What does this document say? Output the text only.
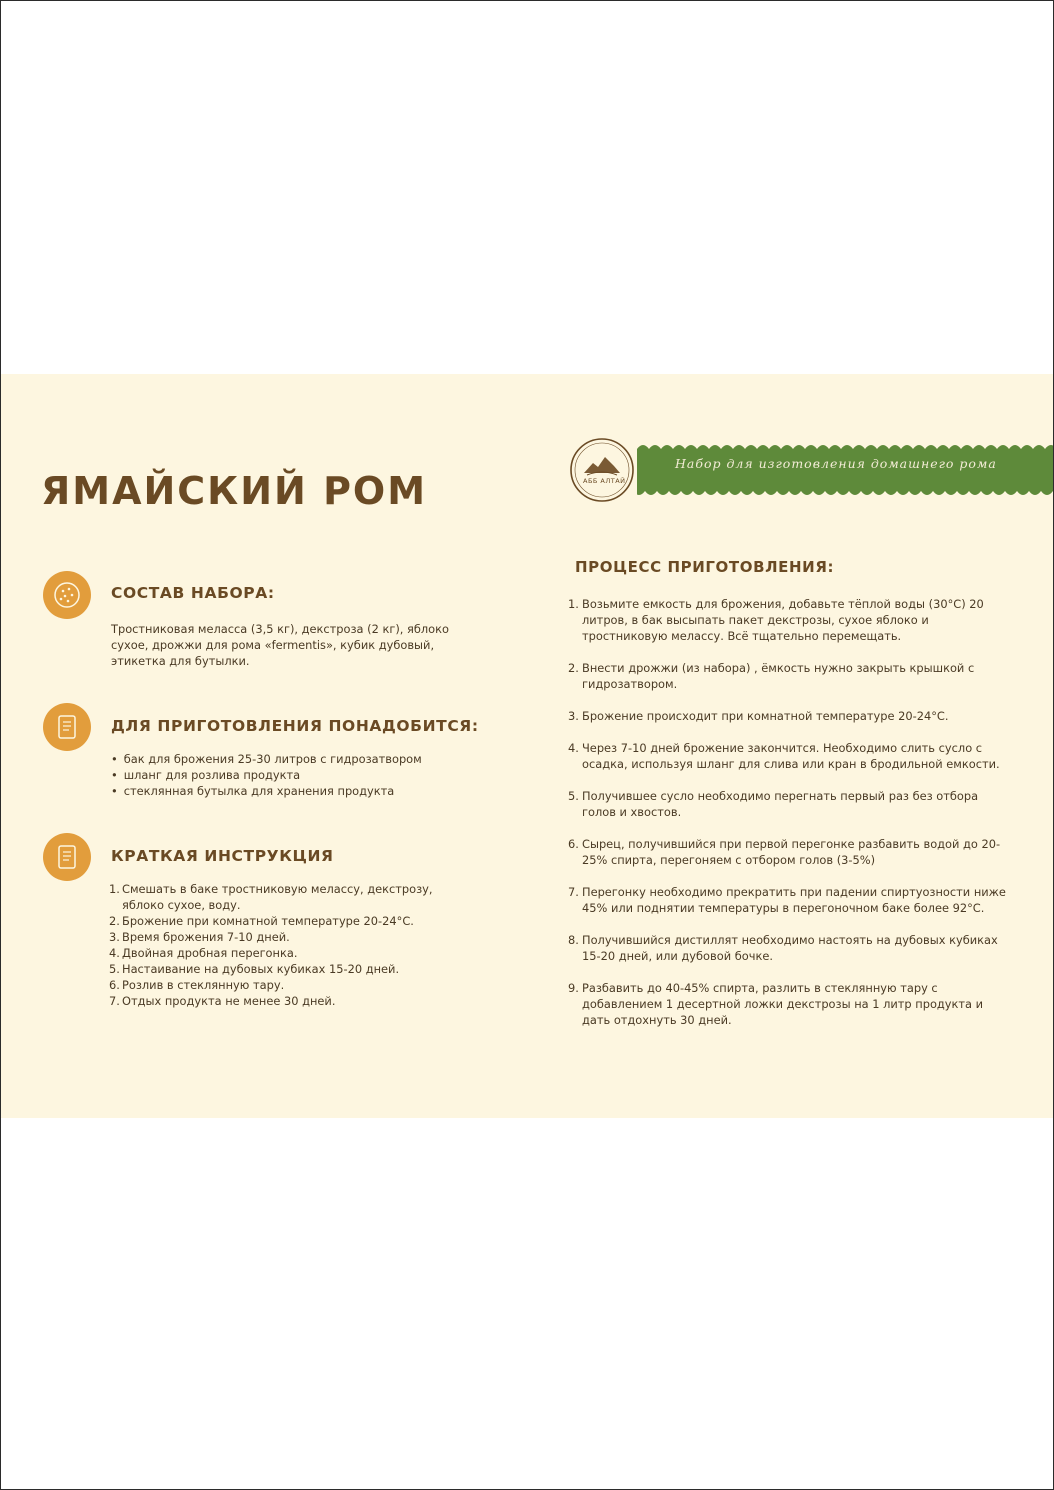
ЯМАЙСКИЙ РОМ	АББ АЛТАЙ
Набор для изготовления домашнего рома
СОСТАВ НАБОРА:

Тростниковая меласса (3,5 кг), декстроза (2 кг), яблоко сухое, дрожжи для рома «fermentis», кубик дубовый, этикетка для бутылки.

ДЛЯ ПРИГОТОВЛЕНИЯ ПОНАДОБИТСЯ:
• бак для брожения 25-30 литров с гидрозатвором
• шланг для розлива продукта
• стеклянная бутылка для хранения продукта
КРАТКАЯ ИНСТРУКЦИЯ
1. Смешать в баке тростниковую мелассу, декстрозу, яблоко сухое, воду.
2. Брожение при комнатной температуре 20-24°С.
3. Время брожения 7-10 дней.
4. Двойная дробная перегонка.
5. Настаивание на дубовых кубиках 15-20 дней.
6. Розлив в стеклянную тару.
7. Отдых продукта не менее 30 дней.
ПРОЦЕСС ПРИГОТОВЛЕНИЯ:
1. Возьмите емкость для брожения, добавьте тёплой воды (30°С) 20 литров, в бак высыпать пакет декстрозы, сухое яблоко и тростниковую мелассу. Всё тщательно перемещать.
2. Внести дрожжи (из набора) , ёмкость нужно закрыть крышкой с гидрозатвором.
3. Брожение происходит при комнатной температуре 20-24°С.
4. Через 7-10 дней брожение закончится. Необходимо слить сусло с осадка, используя шланг для слива или кран в бродильной емкости.
5. Получившее сусло необходимо перегнать первый раз без отбора голов и хвостов.
6. Сырец, получившийся при первой перегонке разбавить водой до 20-25% спирта, перегоняем с отбором голов (3-5%)
7. Перегонку необходимо прекратить при падении спиртуозности ниже 45% или поднятии температуры в перегоночном баке более 92°С.
8. Получившийся дистиллят необходимо настоять на дубовых кубиках 15-20 дней, или дубовой бочке.
9. Разбавить до 40-45% спирта, разлить в стеклянную тару с добавлением 1 десертной ложки декстрозы на 1 литр продукта и дать отдохнуть 30 дней.
